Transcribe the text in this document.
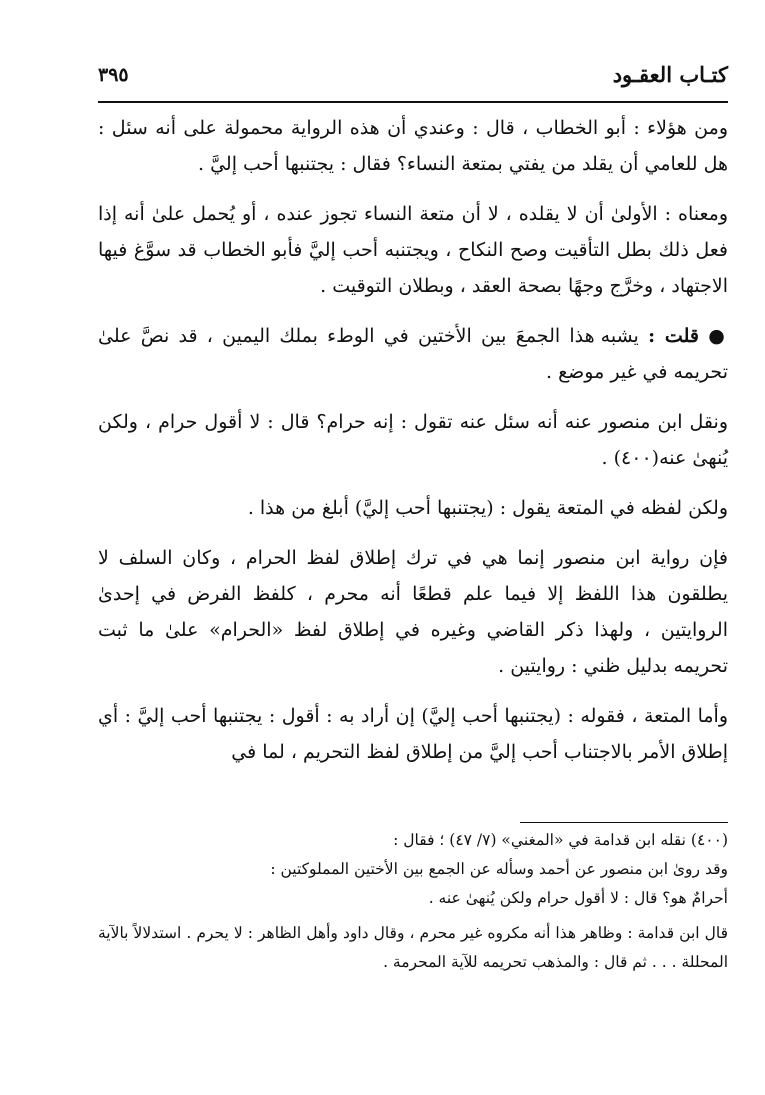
كتـاب العقـود
٣٩٥

ومن هؤلاء : أبو الخطاب ، قال : وعندي أن هذه الرواية محمولة على أنه سئل : هل للعامي أن يقلد من يفتي بمتعة النساء؟ فقال : يجتنبها أحب إليَّ .

ومعناه : الأولىٰ أن لا يقلده ، لا أن متعة النساء تجوز عنده ، أو يُحمل علىٰ أنه إذا فعل ذلك بطل التأقيت وصح النكاح ، ويجتنبه أحب إليَّ فأبو الخطاب قد سوَّغ فيها الاجتهاد ، وخرَّج وجهًا بصحة العقد ، وبطلان التوقيت .

● قلت : يشبه هذا الجمعَ بين الأختين في الوطء بملك اليمين ، قد نصَّ علىٰ تحريمه في غير موضع .

ونقل ابن منصور عنه أنه سئل عنه تقول : إنه حرام؟ قال : لا أقول حرام ، ولكن يُنهىٰ عنه(٤٠٠) .

ولكن لفظه في المتعة يقول : (يجتنبها أحب إليَّ) أبلغ من هذا .

فإن رواية ابن منصور إنما هي في ترك إطلاق لفظ الحرام ، وكان السلف لا يطلقون هذا اللفظ إلا فيما علم قطعًا أنه محرم ، كلفظ الفرض في إحدىٰ الروايتين ، ولهذا ذكر القاضي وغيره في إطلاق لفظ «الحرام» علىٰ ما ثبت تحريمه بدليل ظني : روايتين .

وأما المتعة ، فقوله : (يجتنبها أحب إليَّ) إن أراد به : أقول : يجتنبها أحب إليَّ : أي إطلاق الأمر بالاجتناب أحب إليَّ من إطلاق لفظ التحريم ، لما في

(٤٠٠) نقله ابن قدامة في «المغني» (٧/ ٤٧) ؛ فقال :

وقد روىٰ ابن منصور عن أحمد وسأله عن الجمع بين الأختين المملوكتين :

أحرامٌ هو؟ قال : لا أقول حرام ولكن يُنهىٰ عنه .

قال ابن قدامة : وظاهر هذا أنه مكروه غير محرم ، وقال داود وأهل الظاهر : لا يحرم . استدلالاً بالآية المحللة . . . ثم قال : والمذهب تحريمه للآية المحرمة .
